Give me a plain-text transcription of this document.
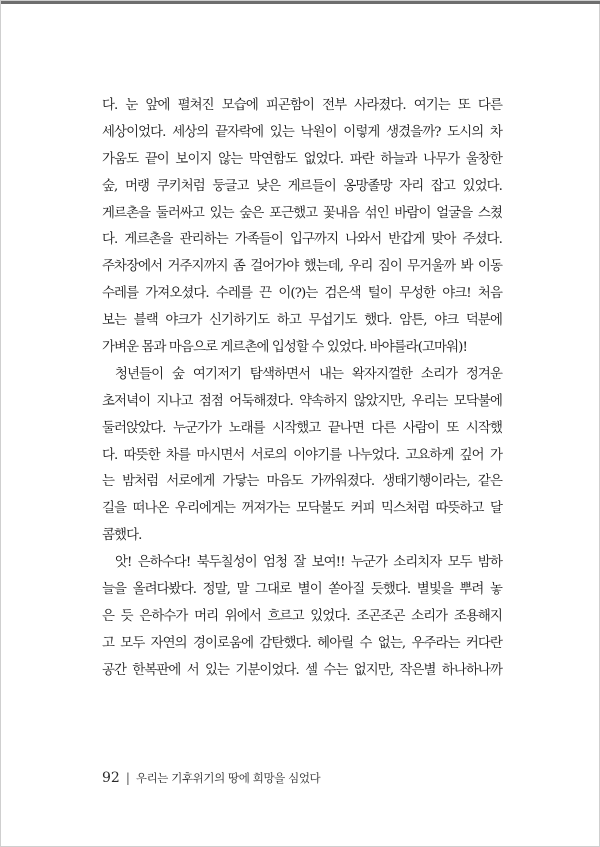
다. 눈 앞에 펼쳐진 모습에 피곤함이 전부 사라졌다. 여기는 또 다른
세상이었다. 세상의 끝자락에 있는 낙원이 이렇게 생겼을까? 도시의 차
가움도 끝이 보이지 않는 막연함도 없었다. 파란 하늘과 나무가 울창한
숲, 머랭 쿠키처럼 둥글고 낮은 게르들이 옹망졸망 자리 잡고 있었다.
게르촌을 둘러싸고 있는 숲은 포근했고 꽃내음 섞인 바람이 얼굴을 스쳤
다. 게르촌을 관리하는 가족들이 입구까지 나와서 반갑게 맞아 주셨다.
주차장에서 거주지까지 좀 걸어가야 했는데, 우리 짐이 무거울까 봐 이동
수레를 가져오셨다. 수레를 끈 이(?)는 검은색 털이 무성한 야크! 처음
보는 블랙 야크가 신기하기도 하고 무섭기도 했다. 암튼, 야크 덕분에
가벼운 몸과 마음으로 게르촌에 입성할 수 있었다. 바야를라(고마워)!
청년들이 숲 여기저기 탐색하면서 내는 왁자지껄한 소리가 정겨운
초저녁이 지나고 점점 어둑해졌다. 약속하지 않았지만, 우리는 모닥불에
둘러앉았다. 누군가가 노래를 시작했고 끝나면 다른 사람이 또 시작했
다. 따뜻한 차를 마시면서 서로의 이야기를 나누었다. 고요하게 깊어 가
는 밤처럼 서로에게 가닿는 마음도 가까워졌다. 생태기행이라는, 같은
길을 떠나온 우리에게는 꺼져가는 모닥불도 커피 믹스처럼 따뜻하고 달
콤했다.
앗! 은하수다! 북두칠성이 엄청 잘 보여!! 누군가 소리치자 모두 밤하
늘을 올려다봤다. 정말, 말 그대로 별이 쏟아질 듯했다. 별빛을 뿌려 놓
은 듯 은하수가 머리 위에서 흐르고 있었다. 조곤조곤 소리가 조용해지
고 모두 자연의 경이로움에 감탄했다. 헤아릴 수 없는, 우주라는 커다란
공간 한복판에 서 있는 기분이었다. 셀 수는 없지만, 작은별 하나하나까
92 | 우리는 기후위기의 땅에 희망을 심었다
